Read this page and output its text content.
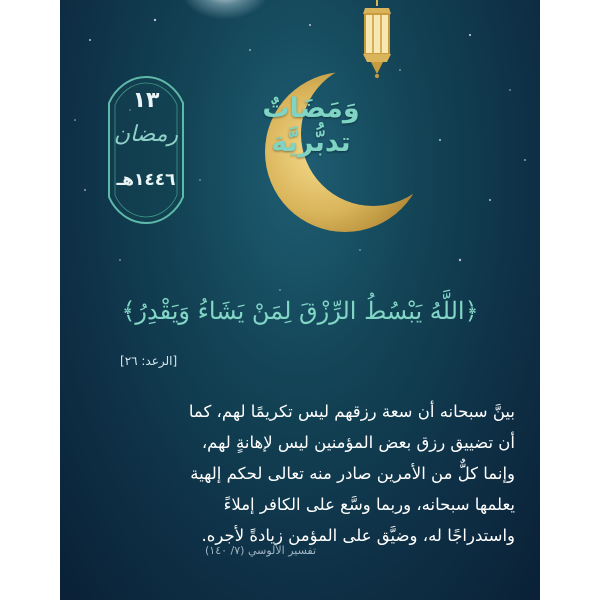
١٣
رمضان
١٤٤٦هـ
وَمَضَاتٌ
تدبُّريَّة
﴿اللَّهُ يَبْسُطُ الرِّزْقَ لِمَنْ يَشَاءُ وَيَقْدِرُ﴾
[الرعد: ٢٦]
بينَّ سبحانه أن سعة رزقهم ليس تكريمًا لهم، كما
أن تضييق رزق بعض المؤمنين ليس لإهانةٍ لهم،
وإنما كلٌّ من الأمرين صادر منه تعالى لحكم إلهية
يعلمها سبحانه، وربما وسَّع على الكافر إملاءً
واستدراجًا له، وضيَّق على المؤمن زيادةً لأجره.
تفسير الألوسي (٧/ ١٤٠)
